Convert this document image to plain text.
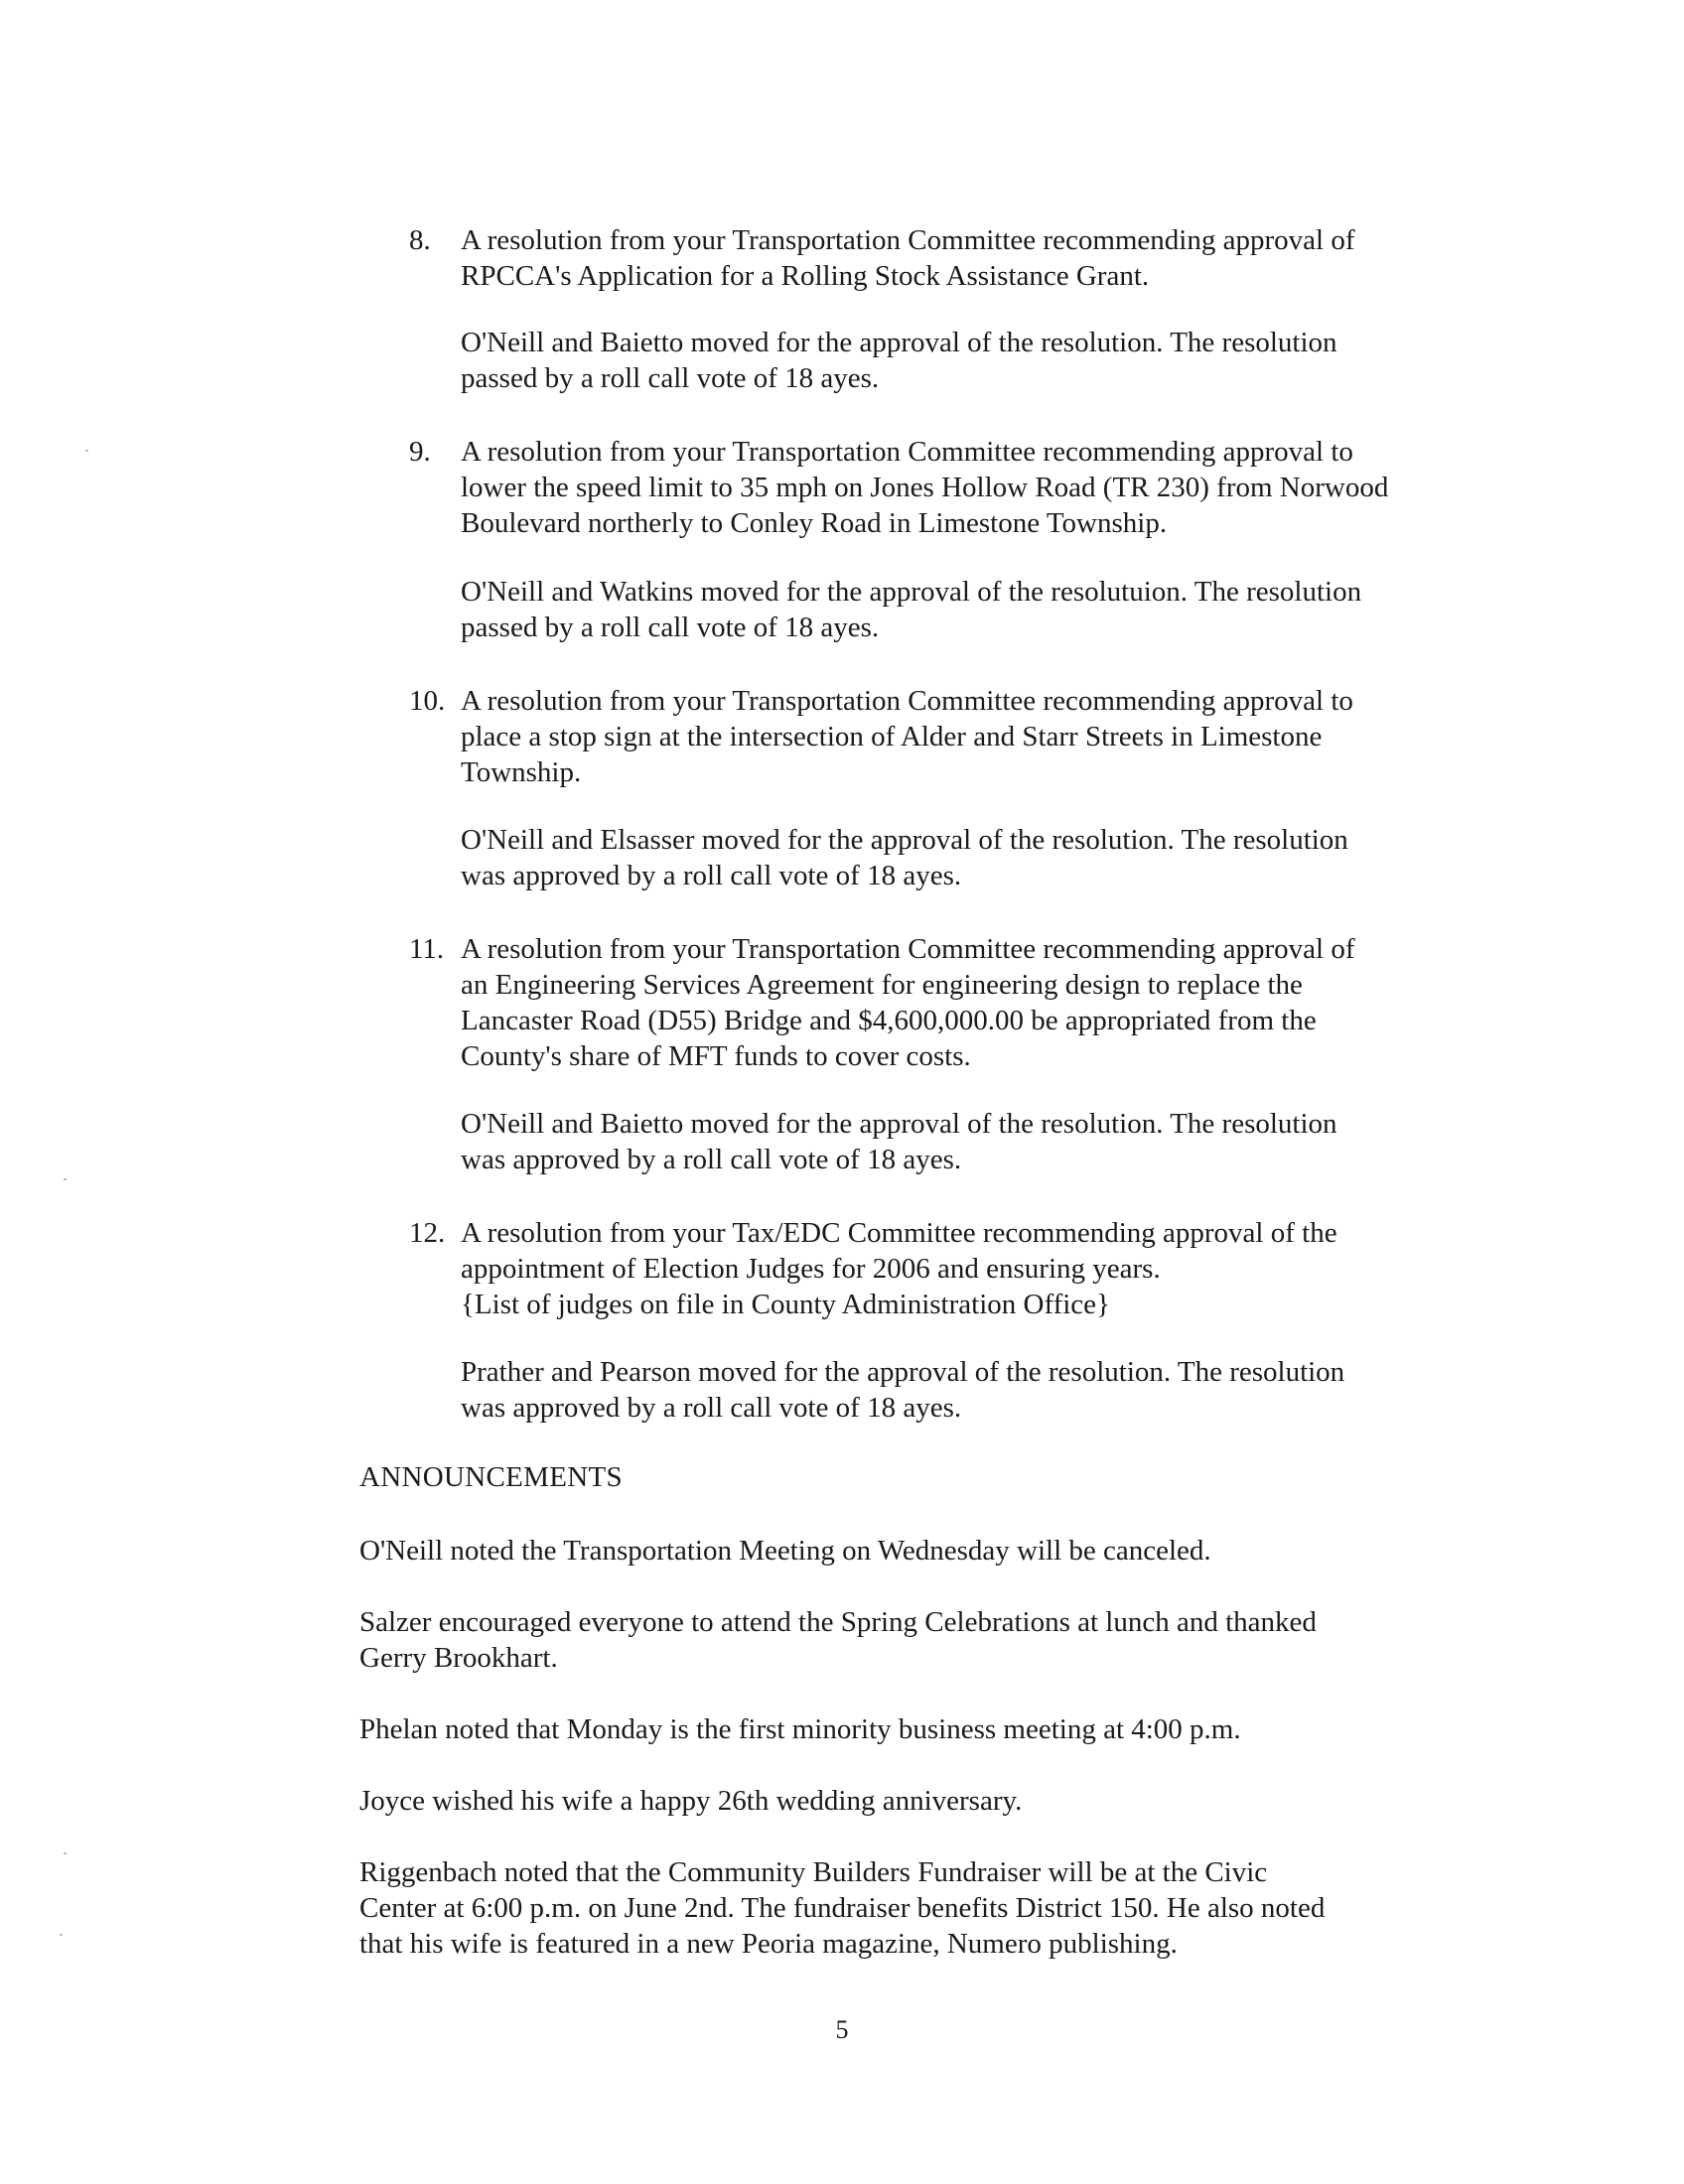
8.	A resolution from your Transportation Committee recommending approval of
RPCCA's Application for a Rolling Stock Assistance Grant.
O'Neill and Baietto moved for the approval of the resolution. The resolution
passed by a roll call vote of 18 ayes.
9.	A resolution from your Transportation Committee recommending approval to
lower the speed limit to 35 mph on Jones Hollow Road (TR 230) from Norwood
Boulevard northerly to Conley Road in Limestone Township.
O'Neill and Watkins moved for the approval of the resolutuion. The resolution
passed by a roll call vote of 18 ayes.
10. A resolution from your Transportation Committee recommending approval to
place a stop sign at the intersection of Alder and Starr Streets in Limestone
Township.
O'Neill and Elsasser moved for the approval of the resolution. The resolution
was approved by a roll call vote of 18 ayes.
11. A resolution from your Transportation Committee recommending approval of
an Engineering Services Agreement for engineering design to replace the
Lancaster Road (D55) Bridge and $4,600,000.00 be appropriated from the
County's share of MFT funds to cover costs.
O'Neill and Baietto moved for the approval of the resolution. The resolution
was approved by a roll call vote of 18 ayes.
12. A resolution from your Tax/EDC Committee recommending approval of the
appointment of Election Judges for 2006 and ensuring years.
{List of judges on file in County Administration Office}
Prather and Pearson moved for the approval of the resolution. The resolution
was approved by a roll call vote of 18 ayes.
ANNOUNCEMENTS
O'Neill noted the Transportation Meeting on Wednesday will be canceled.
Salzer encouraged everyone to attend the Spring Celebrations at lunch and thanked
Gerry Brookhart.
Phelan noted that Monday is the first minority business meeting at 4:00 p.m.
Joyce wished his wife a happy 26th wedding anniversary.
Riggenbach noted that the Community Builders Fundraiser will be at the Civic
Center at 6:00 p.m. on June 2nd. The fundraiser benefits District 150. He also noted
that his wife is featured in a new Peoria magazine, Numero publishing.
5
